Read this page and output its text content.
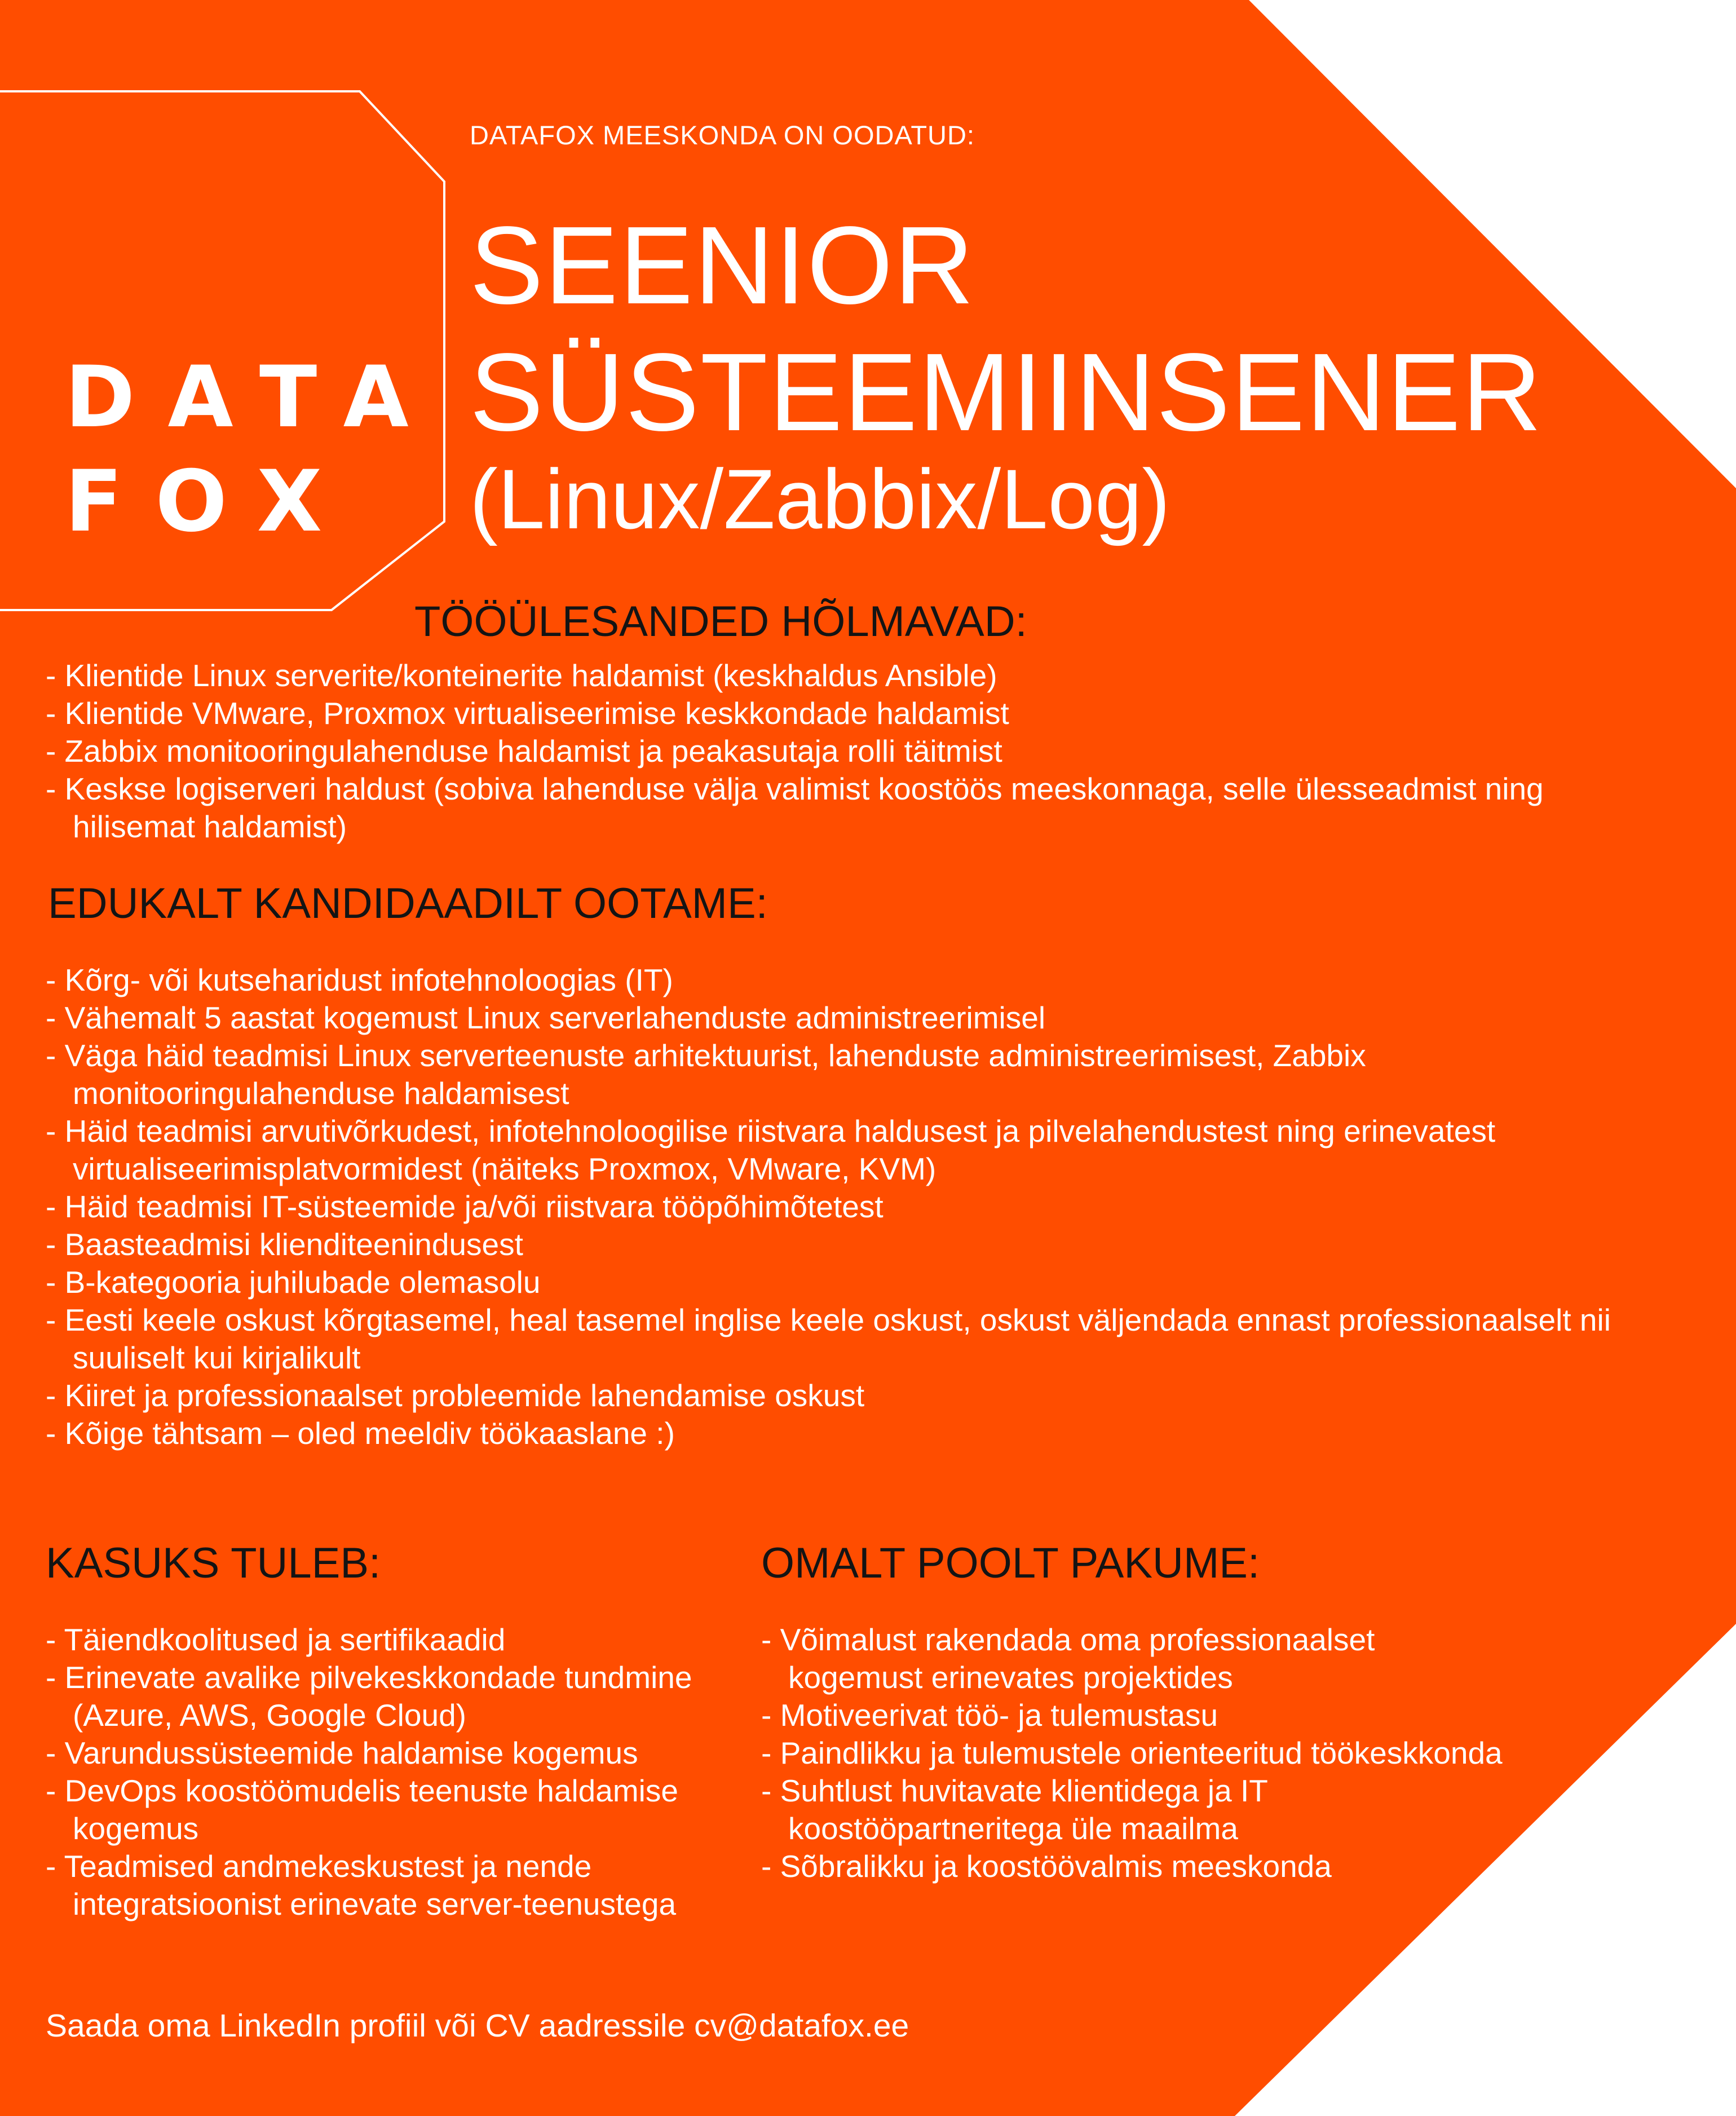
DATA
FOX
DATAFOX MEESKONDA ON OODATUD:
SEENIOR
SÜSTEEMIINSENER
(Linux/Zabbix/Log)
TÖÖÜLESANDED HÕLMAVAD:
- Klientide Linux serverite/konteinerite haldamist (keskhaldus Ansible)
- Klientide VMware, Proxmox virtualiseerimise keskkondade haldamist
- Zabbix monitooringulahenduse haldamist ja peakasutaja rolli täitmist
- Keskse logiserveri haldust (sobiva lahenduse välja valimist koostöös meeskonnaga, selle ülesseadmist ning hilisemat haldamist)
EDUKALT KANDIDAADILT OOTAME:
- Kõrg- või kutseharidust infotehnoloogias (IT)
- Vähemalt 5 aastat kogemust Linux serverlahenduste administreerimisel
- Väga häid teadmisi Linux serverteenuste arhitektuurist, lahenduste administreerimisest, Zabbix monitooringulahenduse haldamisest
- Häid teadmisi arvutivõrkudest, infotehnoloogilise riistvara haldusest ja pilvelahendustest ning erinevatest virtualiseerimisplatvormidest (näiteks Proxmox, VMware, KVM)
- Häid teadmisi IT-süsteemide ja/või riistvara tööpõhimõtetest
- Baasteadmisi klienditeenindusest
- B-kategooria juhilubade olemasolu
- Eesti keele oskust kõrgtasemel, heal tasemel inglise keele oskust, oskust väljendada ennast professionaalselt nii suuliselt kui kirjalikult
- Kiiret ja professionaalset probleemide lahendamise oskust
- Kõige tähtsam – oled meeldiv töökaaslane :)
KASUKS TULEB:
- Täiendkoolitused ja sertifikaadid
- Erinevate avalike pilvekeskkondade tundmine (Azure, AWS, Google Cloud)
- Varundussüsteemide haldamise kogemus
- DevOps koostöömudelis teenuste haldamise kogemus
- Teadmised andmekeskustest ja nende integratsioonist erinevate server-teenustega
OMALT POOLT PAKUME:
- Võimalust rakendada oma professionaalset kogemust erinevates projektides
- Motiveerivat töö- ja tulemustasu
- Paindlikku ja tulemustele orienteeritud töökeskkonda
- Suhtlust huvitavate klientidega ja IT koostööpartneritega üle maailma
- Sõbralikku ja koostöövalmis meeskonda
Saada oma LinkedIn profiil või CV aadressile cv@datafox.ee
